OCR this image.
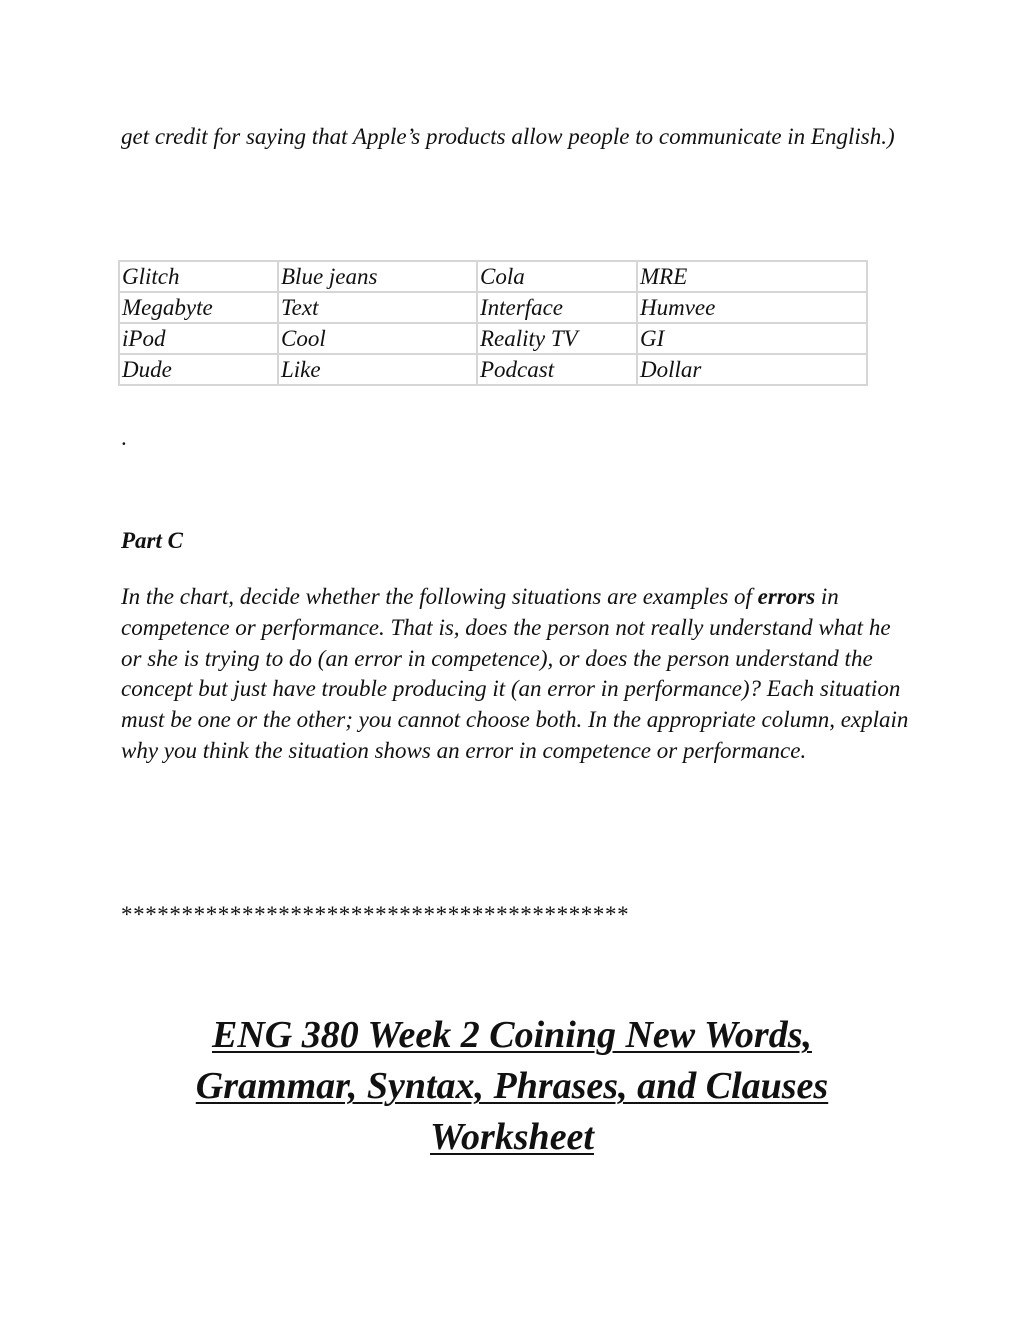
get credit for saying that Apple’s products allow people to communicate in English.)

Glitch	Blue jeans	Cola	MRE
Megabyte	Text	Interface	Humvee
iPod	Cool	Reality TV	GI
Dude	Like	Podcast	Dollar

.

Part C

In the chart, decide whether the following situations are examples of errors in competence or performance. That is, does the person not really understand what he or she is trying to do (an error in competence), or does the person understand the concept but just have trouble producing it (an error in performance)? Each situation must be one or the other; you cannot choose both. In the appropriate column, explain why you think the situation shows an error in competence or performance.

******************************************

ENG 380 Week 2 Coining New Words,
Grammar, Syntax, Phrases, and Clauses
Worksheet
